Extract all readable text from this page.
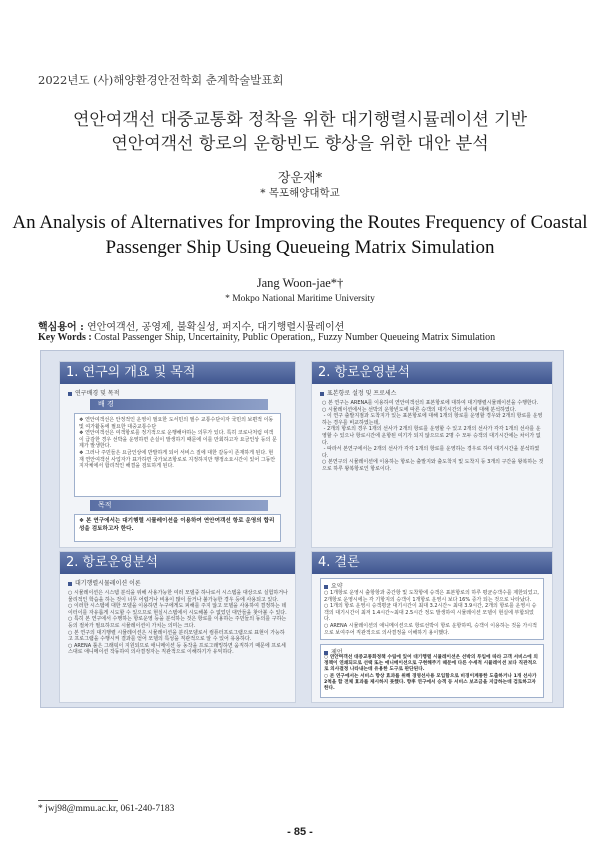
2022년도 (사)해양환경안전학회 춘계학술발표회
연안여객선 대중교통화 정착을 위한 대기행렬시뮬레이션 기반
연안여객선 항로의 운항빈도 향상을 위한 대안 분석
장운재*
* 목포해양대학교
An Analysis of Alternatives for Improving the Routes Frequency of Coastal
Passenger Ship Using Queueing Matrix Simulation
Jang Woon-jae*†
* Mokpo National Maritime University
핵심용어 : 연안여객선, 공영제, 불확실성, 퍼지수, 대기행렬시뮬레이션
Key Words : Costal Passenger Ship, Uncertainity, Public Operation,, Fuzzy Number Queueing Matrix Simulation
1. 연구의 개요 및 목적
연구배경 및 목적
배 경
❖ 연안여객선은 안정적인 운영이 필요한 도서민의 필수 교통수단이자 국민의 보편적 이동 및 여가활동에 필요한 대중교통수단
❖ 연안여객선은 여객항로를 정기적으로 운행해야하는 의무가 있다. 특히 코로나처럼 여객이 급감한 경우 선박을 운영하면 손실이 발생하기 때문에 이를 만회하고자 요금인상 등의 문제가 발생한다.
❖ 그러나 주민들은 요금인상에 반발하게 되어 서비스 질에 대한 갈등이 존재하게 된다. 현재 연안여객선 사업자가 표가하면 국가보조항로로 지정하지만 행정소요시간이 있어 그동안 지자체에서 합리적인 해결을 검토하게 된다.
목적
❖ 본 연구에서는 대기행렬 시뮬레이션을 이용하여 연안여객선 항로 운영의 합리성을 검토하고자 한다.
2. 항로운영분석
표본항로 설정 및 프로세스
○ 본 연구는 ARENA를 이용하여 연안여객선의 표본항로에 대하여 대기행렬시뮬레이션을 수행한다.
○ 시뮬레이션에서는 선박의 운항빈도에 따른 승객의 대기시간의 차이에 대해 분석하였다.
- 이 연구 출발지점과 도착지가 있는 표본항로에 대해 1개의 항로를 운영할 경우와 2개의 항로를 운영하는 경우를 비교하였는데,
- 2개의 항로의 경우 1개의 선사가 2개의 항로를 운영할 수 있고 2개의 선사가 각각 1개의 선사를 운영할 수 있으나 항로시간에 운항된 여기가 되지 않으므로 2명 수 모두 승객의 대기시간에는 차이가 없다.
- 따라서 본연구에서는 2개의 선사가 각각 1개의 항로를 운영하는 경우로 하여 대기시간을 분석하였다.
○ 본연구의 시뮬레이션에 이용하는 항로는 출발지와 출도착지 및 도착지 등 3개의 구간을 왕복하는 것으로 하루 왕복항로인 항로이다.
2. 항로운영분석
대기행렬시뮬레이션 이론
○ 시뮬레이션은 시스템 분석을 위해 사용가능한 여러 모델중 하나로서 시스템을 대상으로 실험하거나 물리적인 학습을 하는 것이 너무 어렵거나 비용이 많이 들거나 불가능한 경우 등에 사용되고 있다.
○ 이러한 시스템에 대한 모델을 이용하면 누구에게도 피해를 주지 않고 모델을 사용하여 결정하는 데이터이를 자유롭게 시도할 수 있으므로 현실시스템에서 시도해볼 수 없었던 대안들을 찾아볼 수 있다.
○ 특히 본 연구에서 수행하는 항로운영 등을 분석하는 것은 항로를 이용하는 주민들의 동의를 구하는 등의 절차가 필요하므로 시뮬레이션이 가치는 의미는 크다.
○ 본 연구의 대기행렬 시뮬레이션은 시뮬레이션을 분리모델로서 컴퓨터프로그램으로 표현이 가능하고 프로그램을 수행시켜 결과를 얻어 모델의 특성을 직관적으로 알 수 있어 유용하다.
○ ARENA 툴은 그래픽이 지원되므로 애니메이션 등 동작을 프로그래밍하면 움직하기 때문에 프로세스대로 애니메이션 작동하여 의사결정자는 직관적으로 이해하기가 유익하다.
4. 결론
요약
○ 1개항로 운영시 출항항과 중간항 및 도착항에 승객은 표본항로의 하루 평균승객수를 제한되었고, 2개항로 운영시에는 각 기항지의 승객이 1개항로 운영시 보다 16% 증가 되는 것으로 나타났다.
○ 1개의 항로 운영시 승객평균 대기시간이 최대 3.2시간~ 최대 3.9시간, 2개의 항로를 운영시 승객의 대기시간이 최저 1.4시간~최대 2.5시간 정도 발생하여 시뮬레이션 모델이 현실에 부합되었다.
○ ARENA 시뮬레이션의 애니메이션으로 항로선박이 항로 운항하며, 승객이 이용하는 것을 가시적으로 보여주어 직관적으로 의사결정을 이해하기 용이했다.
제언
○ 연안여객선 대중교통화정책 수립에 있어 대기행렬 시뮬레이션은 선박의 투입에 따라 고객 서비스에 의 정책이 연쇄되므로 선택 또는 애니메이션으로 구현해주기 때문에 다른 수세적 시뮬레이션 보다 직관적으로 의사결정 나타내는데 유용한 도구로 판단된다.
○ 본 연구에서는 서비스 향상 효과를 위해 경영선사용 모입함으로 비경이계통한 도출하거나 1개 선사가 2척을 합 전체 효과를 제시하지 못했다. 향후 연구에서 승객 등 서비스 보조금을 지급하는데 검토하고자 한다.
* jwj98@mmu.ac.kr, 061-240-7183
- 85 -
